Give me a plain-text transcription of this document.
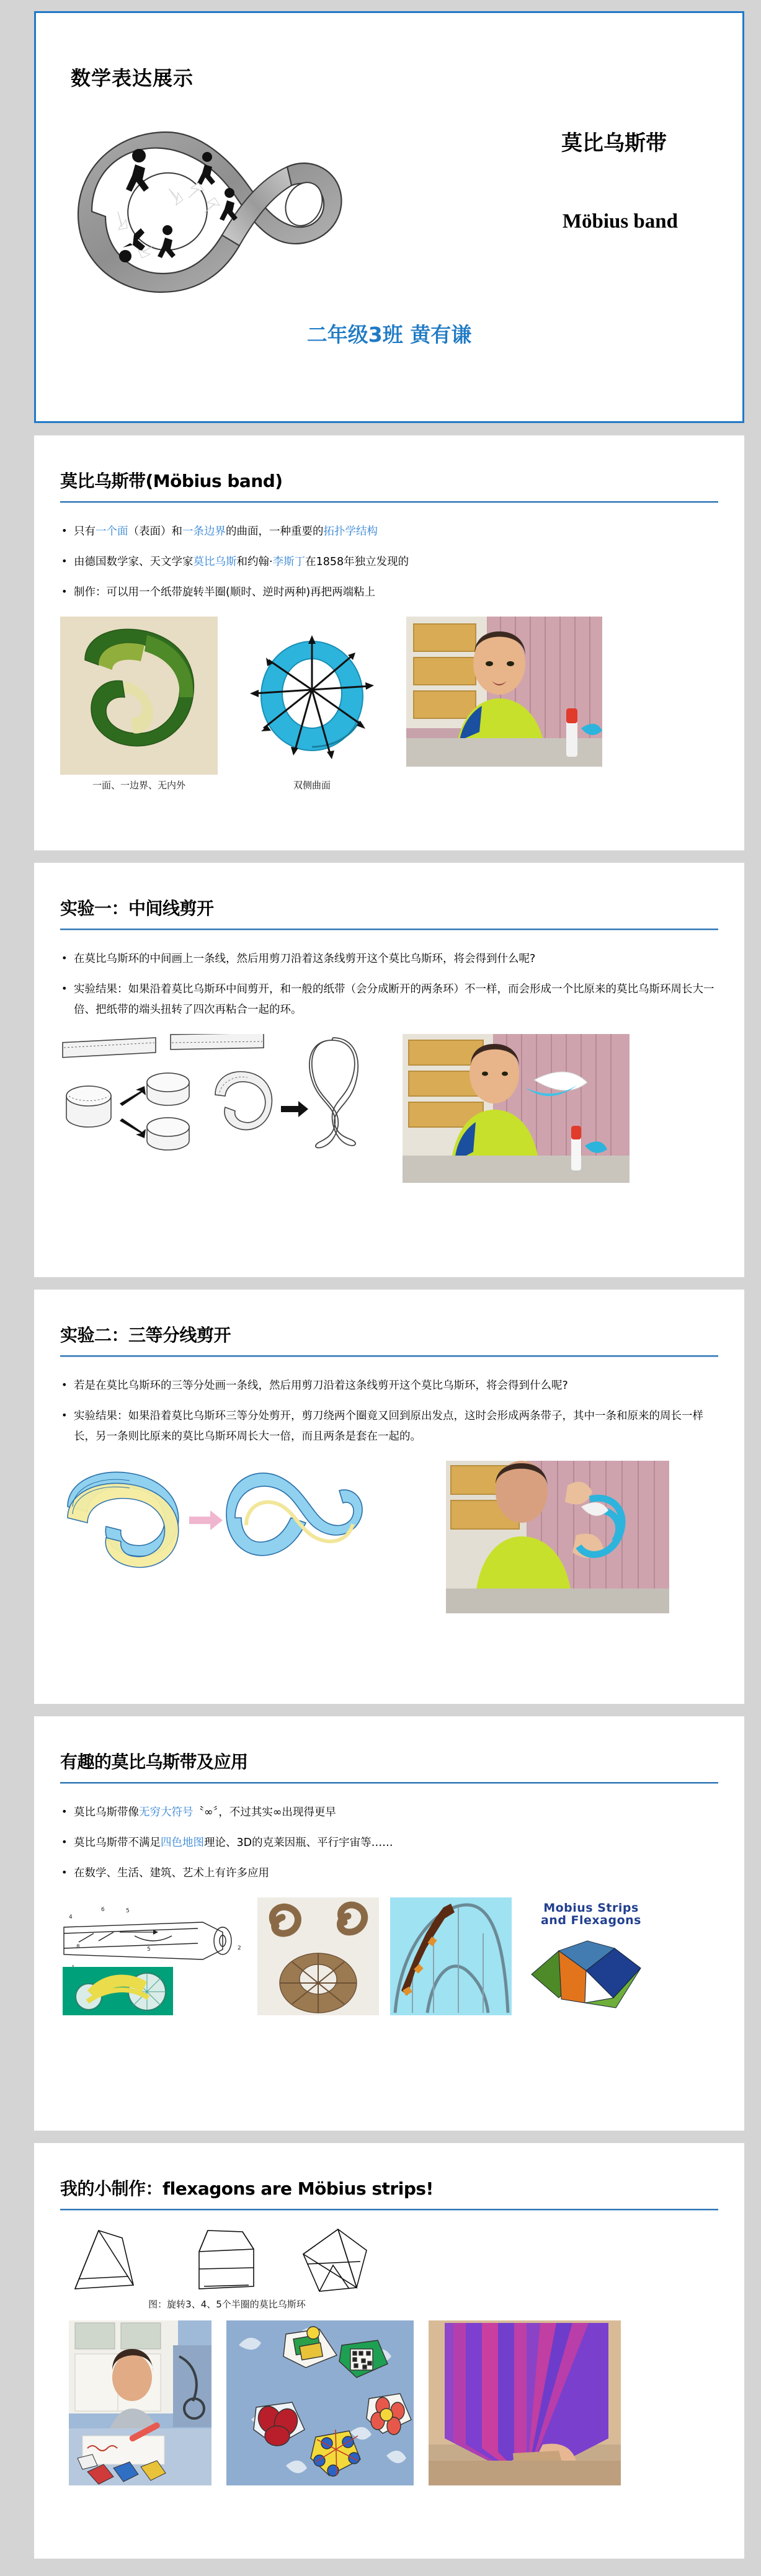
数学表达展示
莫比乌斯带
Möbius band
二年级3班 黄有谦
莫比乌斯带(Möbius band)
• 只有一个面（表面）和一条边界的曲面，一种重要的拓扑学结构
• 由德国数学家、天文学家莫比乌斯和约翰·李斯丁在1858年独立发现的
• 制作：可以用一个纸带旋转半圈(顺时、逆时两种)再把两端粘上
一面、一边界、无内外	双侧曲面
实验一：中间线剪开
• 在莫比乌斯环的中间画上一条线，然后用剪刀沿着这条线剪开这个莫比乌斯环，将会得到什么呢?
• 实验结果：如果沿着莫比乌斯环中间剪开，和一般的纸带（会分成断开的两条环）不一样，而会形成一个比原来的莫比乌斯环周长大一倍、把纸带的端头扭转了四次再粘合一起的环。
实验二：三等分线剪开
• 若是在莫比乌斯环的三等分处画一条线，然后用剪刀沿着这条线剪开这个莫比乌斯环，将会得到什么呢?
• 实验结果：如果沿着莫比乌斯环三等分处剪开，剪刀绕两个圈竟又回到原出发点，这时会形成两条带子，其中一条和原来的周长一样长，另一条则比原来的莫比乌斯环周长大一倍，而且两条是套在一起的。
有趣的莫比乌斯带及应用
• 莫比乌斯带像无穷大符号〝∞〞，不过其实∞出现得更早
• 莫比乌斯带不满足四色地图理论、3D的克莱因瓶、平行宇宙等……
• 在数学、生活、建筑、艺术上有许多应用
4
6	5
8	5	2
Mobius Strips
and Flexagons
我的小制作：flexagons are Möbius strips!
图：旋转3、4、5个半圈的莫比乌斯环
